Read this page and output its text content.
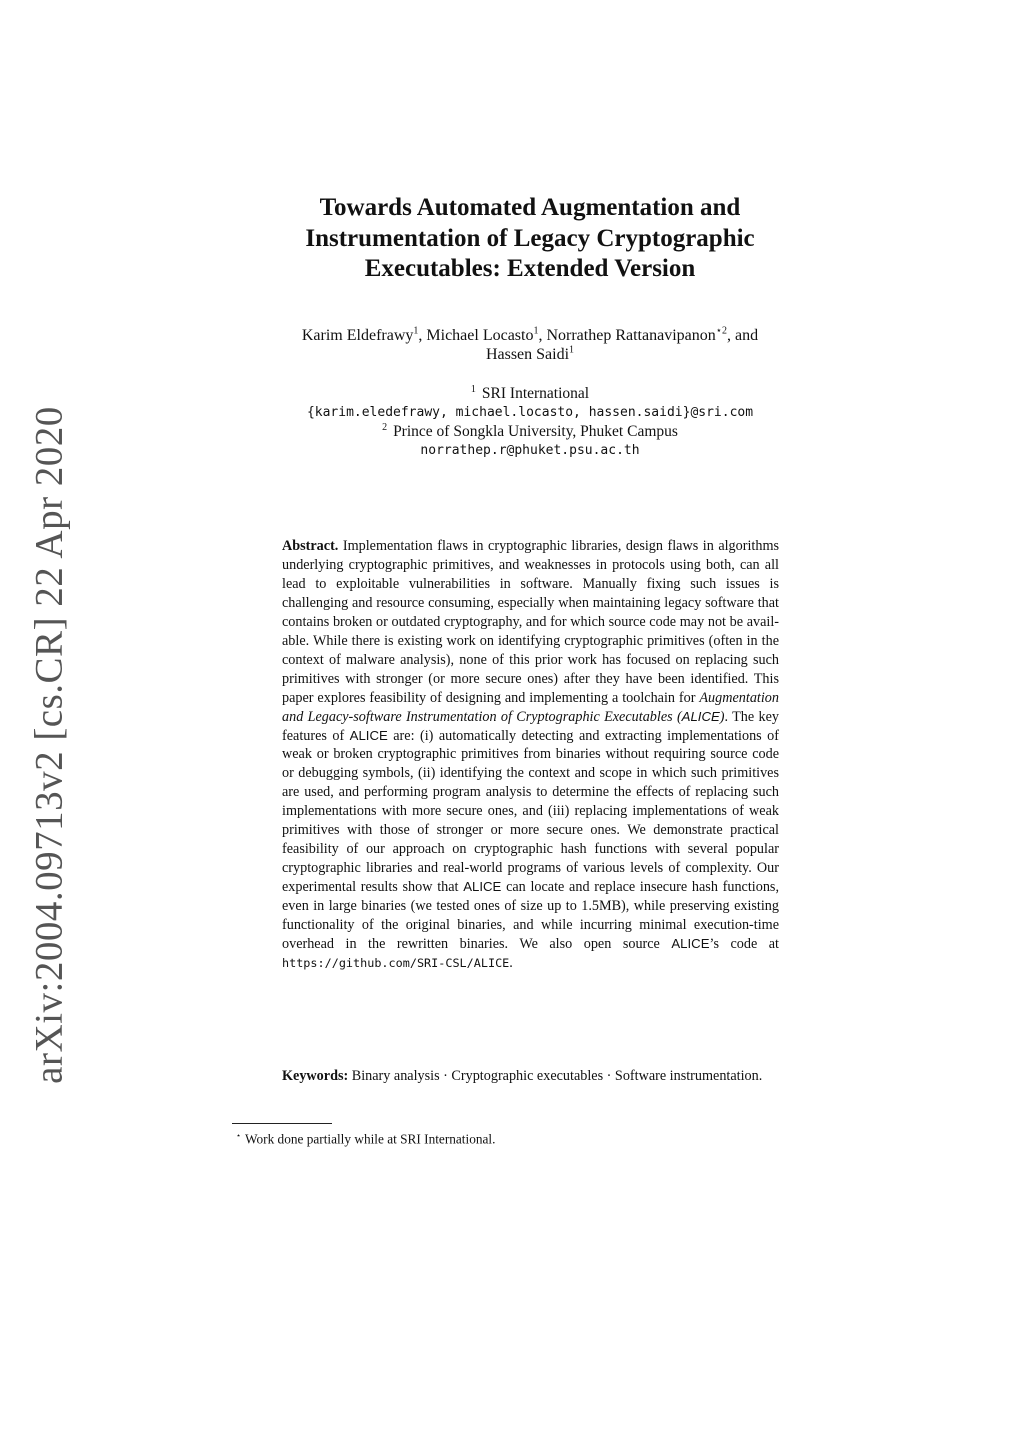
arXiv:2004.09713v2 [cs.CR] 22 Apr 2020
Towards Automated Augmentation and
Instrumentation of Legacy Cryptographic
Executables: Extended Version
Karim Eldefrawy$^1$, Michael Locasto$^1$, Norrathep Rattanavipanon$^{⋆2}$, and
Hassen Saidi$^1$
$^1$ SRI International
{karim.eledefrawy, michael.locasto, hassen.saidi}@sri.com
$^2$ Prince of Songkla University, Phuket Campus
norrathep.r@phuket.psu.ac.th
Abstract. Implementation flaws in cryptographic libraries, design flaws in algorithms underlying cryptographic primitives, and weaknesses in protocols using both, can all lead to exploitable vulnerabilities in software. Manually fixing such issues is challenging and resource consuming, especially when maintaining legacy software that contains broken or outdated cryptography, and for which source code may not be available. While there is existing work on identifying cryptographic primitives (often in the context of malware analysis), none of this prior work has focused on replacing such primitives with stronger (or more secure ones) after they have been identified. This paper explores feasibility of designing and implementing a toolchain for Augmentation and Legacy-software Instrumentation of Cryptographic Executables (ALICE). The key features of ALICE are: (i) automatically detecting and extracting implementations of weak or broken cryptographic primitives from binaries without requiring source code or debugging symbols, (ii) identifying the context and scope in which such primitives are used, and performing program analysis to determine the effects of replacing such implementations with more secure ones, and (iii) replacing implementations of weak primitives with those of stronger or more secure ones. We demonstrate practical feasibility of our approach on cryptographic hash functions with several popular cryptographic libraries and real-world programs of various levels of complexity. Our experimental results show that ALICE can locate and replace insecure hash functions, even in large binaries (we tested ones of size up to 1.5MB), while preserving existing functionality of the original binaries, and while incurring minimal execution-time overhead in the rewritten binaries. We also open source ALICE’s code at https://github.com/SRI-CSL/ALICE.
Keywords: Binary analysis · Cryptographic executables · Software instrumentation.
⋆ Work done partially while at SRI International.
